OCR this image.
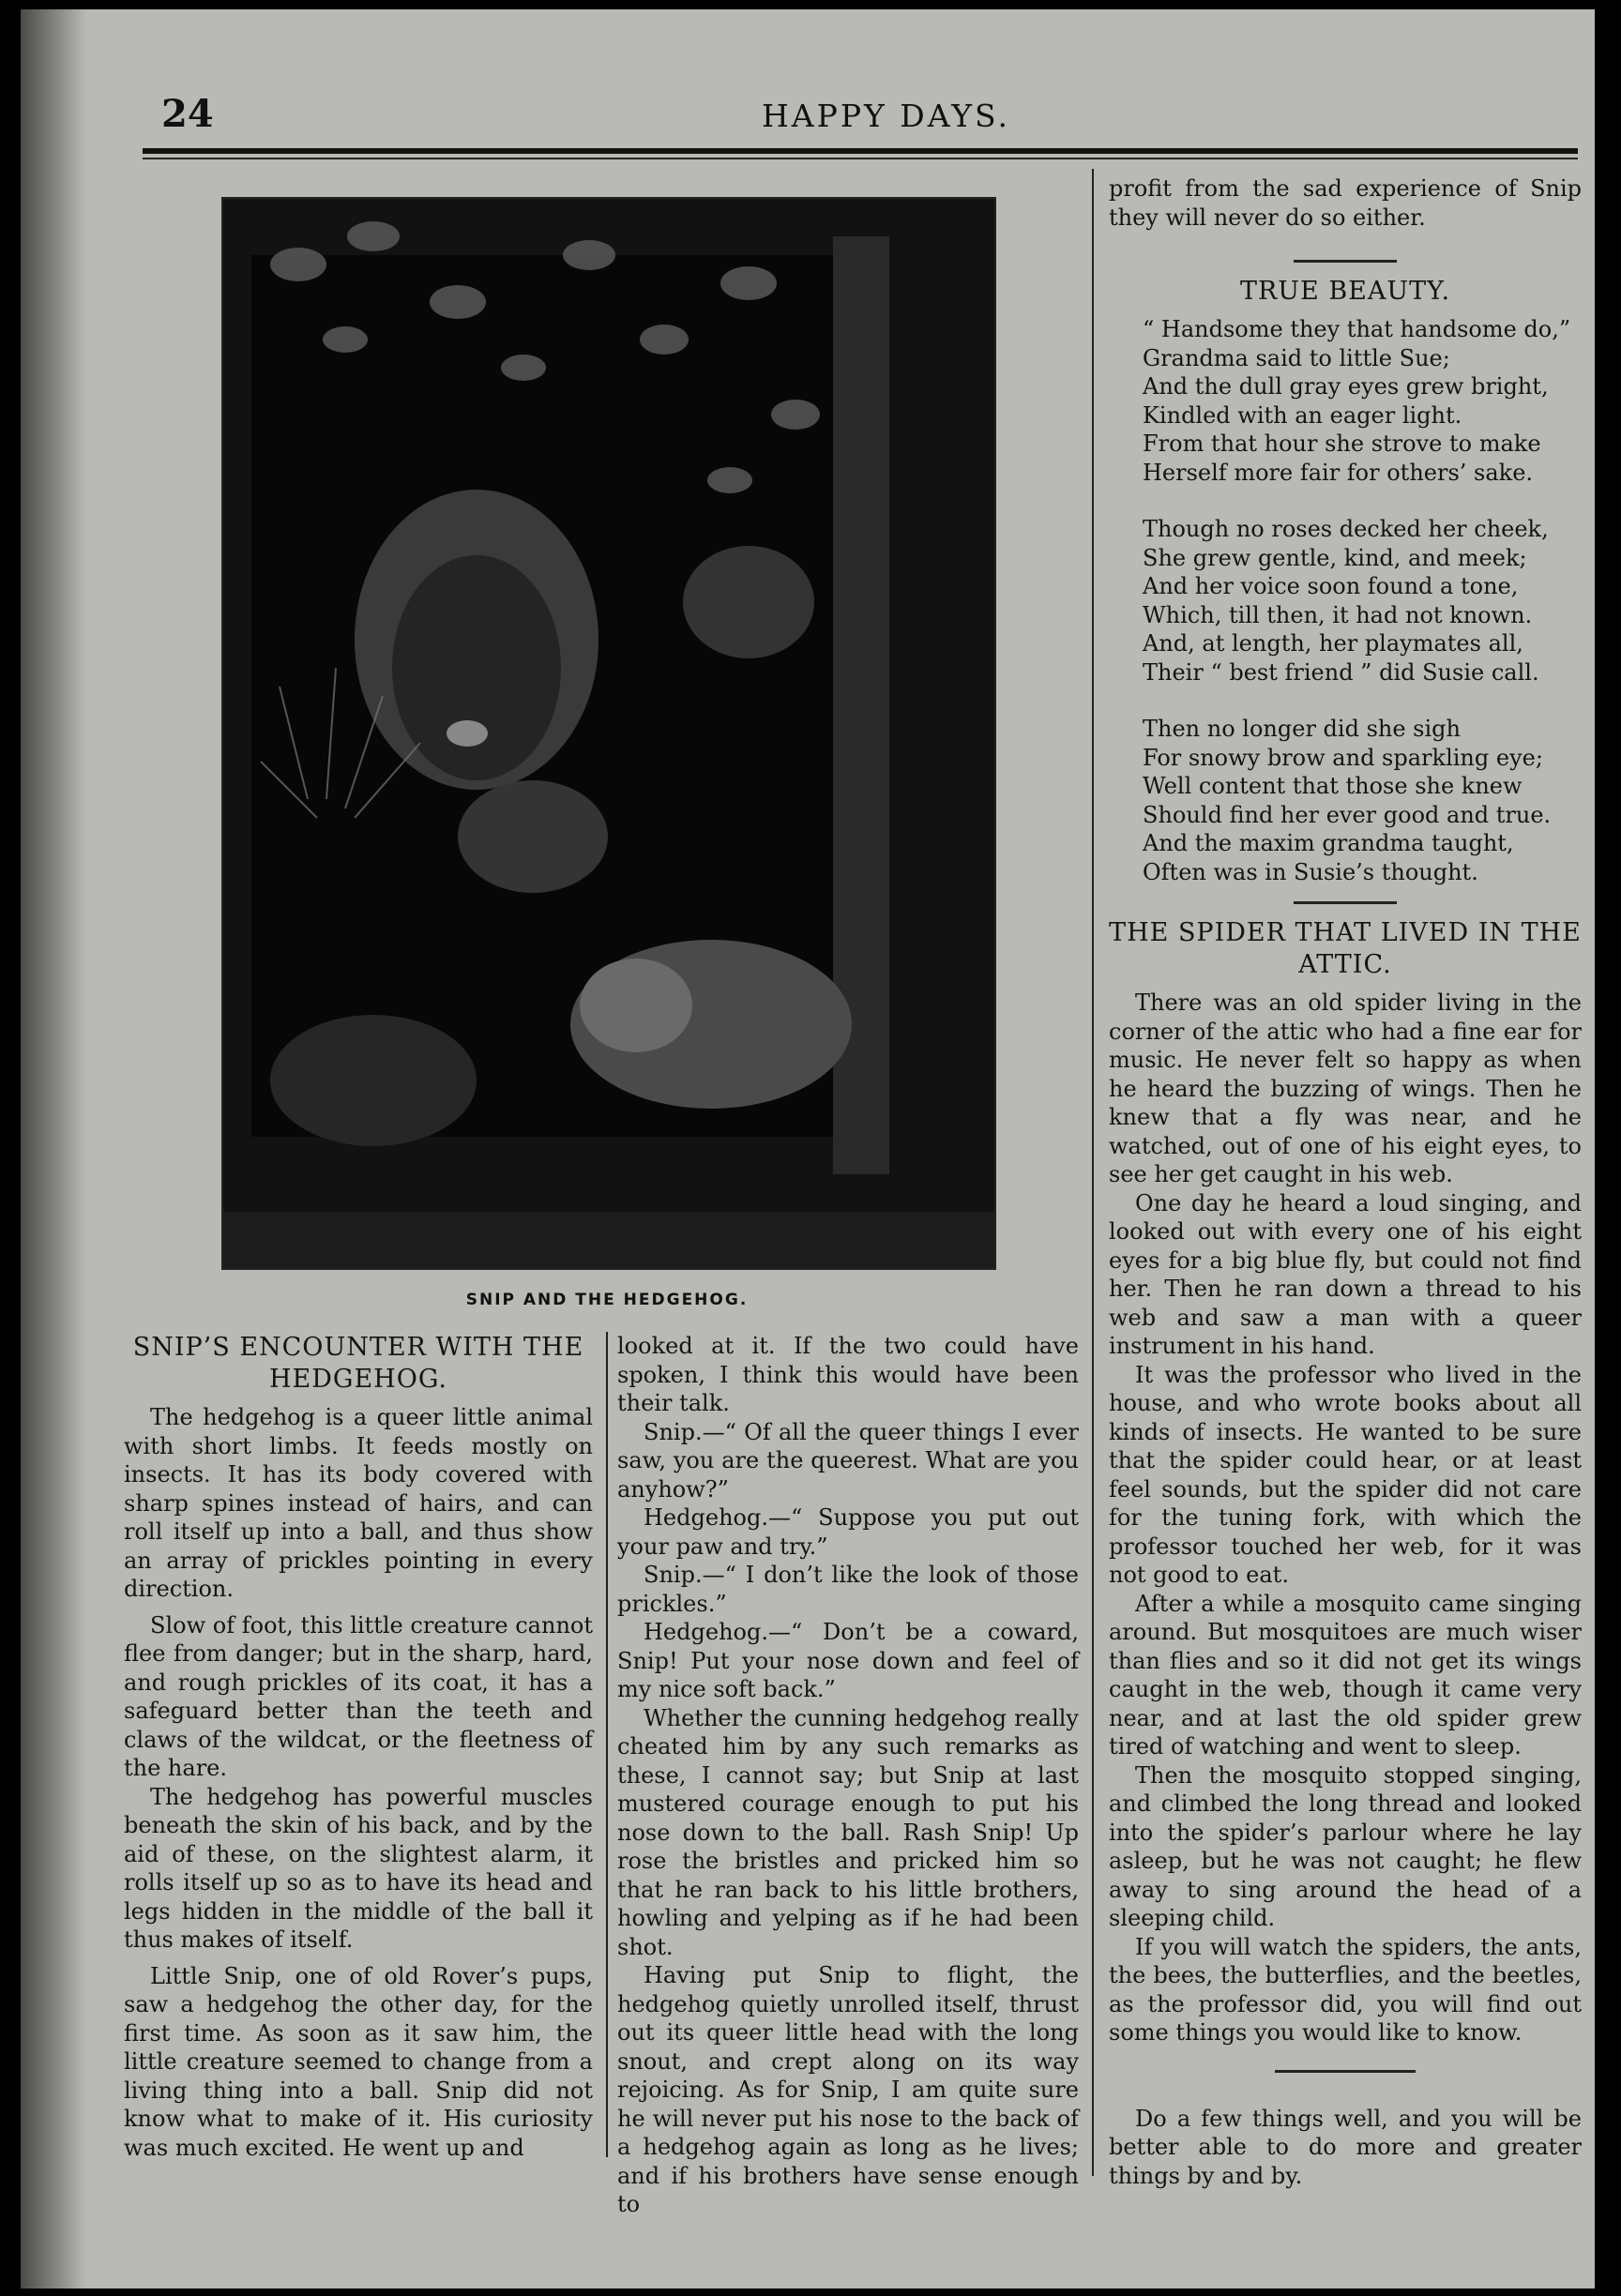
24	HAPPY DAYS.
SNIP AND THE HEDGEHOG.

profit from the sad experience of Snip they will never do so either.

TRUE BEAUTY.

“ Handsome they that handsome do,”

Grandma said to little Sue;

And the dull gray eyes grew bright,

Kindled with an eager light.

From that hour she strove to make

Herself more fair for others’ sake.

Though no roses decked her cheek,

She grew gentle, kind, and meek;

And her voice soon found a tone,

Which, till then, it had not known.

And, at length, her playmates all,

Their “ best friend ” did Susie call.

Then no longer did she sigh

For snowy brow and sparkling eye;

Well content that those she knew

Should find her ever good and true.

And the maxim grandma taught,

Often was in Susie’s thought.

THE SPIDER THAT LIVED IN THE ATTIC.

There was an old spider living in the corner of the attic who had a fine ear for music. He never felt so happy as when he heard the buzzing of wings. Then he knew that a fly was near, and he watched, out of one of his eight eyes, to see her get caught in his web.

One day he heard a loud singing, and looked out with every one of his eight eyes for a big blue fly, but could not find her. Then he ran down a thread to his web and saw a man with a queer instrument in his hand.

It was the professor who lived in the house, and who wrote books about all kinds of insects. He wanted to be sure that the spider could hear, or at least feel sounds, but the spider did not care for the tuning fork, with which the professor touched her web, for it was not good to eat.

After a while a mosquito came singing around. But mosquitoes are much wiser than flies and so it did not get its wings caught in the web, though it came very near, and at last the old spider grew tired of watching and went to sleep.

Then the mosquito stopped singing, and climbed the long thread and looked into the spider’s parlour where he lay asleep, but he was not caught; he flew away to sing around the head of a sleeping child.

If you will watch the spiders, the ants, the bees, the butterflies, and the beetles, as the professor did, you will find out some things you would like to know.

Do a few things well, and you will be better able to do more and greater things by and by.

SNIP’S ENCOUNTER WITH THE HEDGEHOG.

The hedgehog is a queer little animal with short limbs. It feeds mostly on insects. It has its body covered with sharp spines instead of hairs, and can roll itself up into a ball, and thus show an array of prickles pointing in every direction.

Slow of foot, this little creature cannot flee from danger; but in the sharp, hard, and rough prickles of its coat, it has a safeguard better than the teeth and claws of the wildcat, or the fleetness of the hare.

The hedgehog has powerful muscles beneath the skin of his back, and by the aid of these, on the slightest alarm, it rolls itself up so as to have its head and legs hidden in the middle of the ball it thus makes of itself.

Little Snip, one of old Rover’s pups, saw a hedgehog the other day, for the first time. As soon as it saw him, the little creature seemed to change from a living thing into a ball. Snip did not know what to make of it. His curiosity was much excited. He went up and

looked at it. If the two could have spoken, I think this would have been their talk.

Snip.—“ Of all the queer things I ever saw, you are the queerest. What are you anyhow?”

Hedgehog.—“ Suppose you put out your paw and try.”

Snip.—“ I don’t like the look of those prickles.”

Hedgehog.—“ Don’t be a coward, Snip! Put your nose down and feel of my nice soft back.”

Whether the cunning hedgehog really cheated him by any such remarks as these, I cannot say; but Snip at last mustered courage enough to put his nose down to the ball. Rash Snip! Up rose the bristles and pricked him so that he ran back to his little brothers, howling and yelping as if he had been shot.

Having put Snip to flight, the hedgehog quietly unrolled itself, thrust out its queer little head with the long snout, and crept along on its way rejoicing. As for Snip, I am quite sure he will never put his nose to the back of a hedgehog again as long as he lives; and if his brothers have sense enough to
